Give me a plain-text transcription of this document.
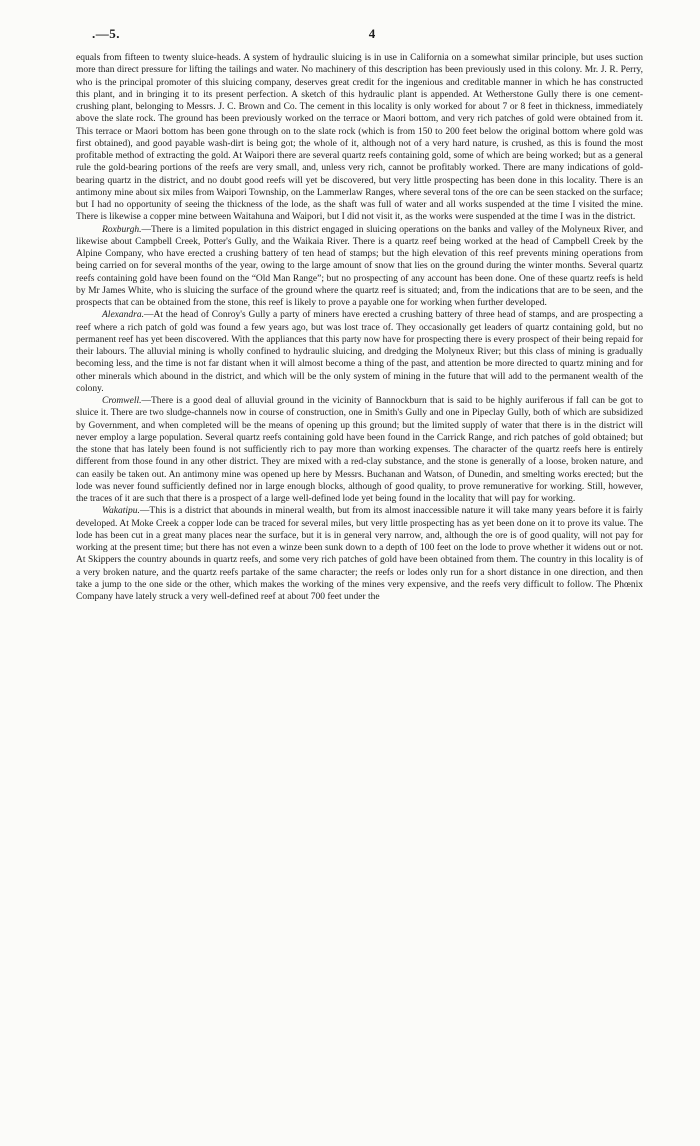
.—5.	4

equals from fifteen to twenty sluice-heads. A system of hydraulic sluicing is in use in California on a somewhat similar principle, but uses suction more than direct pressure for lifting the tailings and water. No machinery of this description has been previously used in this colony. Mr. J. R. Perry, who is the principal promoter of this sluicing company, deserves great credit for the ingenious and creditable manner in which he has constructed this plant, and in bringing it to its present perfection. A sketch of this hydraulic plant is appended. At Wetherstone Gully there is one cement-crushing plant, belonging to Messrs. J. C. Brown and Co. The cement in this locality is only worked for about 7 or 8 feet in thickness, immediately above the slate rock. The ground has been previously worked on the terrace or Maori bottom, and very rich patches of gold were obtained from it. This terrace or Maori bottom has been gone through on to the slate rock (which is from 150 to 200 feet below the original bottom where gold was first obtained), and good payable wash-dirt is being got; the whole of it, although not of a very hard nature, is crushed, as this is found the most profitable method of extracting the gold. At Waipori there are several quartz reefs containing gold, some of which are being worked; but as a general rule the gold-bearing portions of the reefs are very small, and, unless very rich, cannot be profitably worked. There are many indications of gold-bearing quartz in the district, and no doubt good reefs will yet be discovered, but very little prospecting has been done in this locality. There is an antimony mine about six miles from Waipori Township, on the Lammerlaw Ranges, where several tons of the ore can be seen stacked on the surface; but I had no opportunity of seeing the thickness of the lode, as the shaft was full of water and all works suspended at the time I visited the mine. There is likewise a copper mine between Waitahuna and Waipori, but I did not visit it, as the works were suspended at the time I was in the district.

Roxburgh.—There is a limited population in this district engaged in sluicing operations on the banks and valley of the Molyneux River, and likewise about Campbell Creek, Potter's Gully, and the Waikaia River. There is a quartz reef being worked at the head of Campbell Creek by the Alpine Company, who have erected a crushing battery of ten head of stamps; but the high elevation of this reef prevents mining operations from being carried on for several months of the year, owing to the large amount of snow that lies on the ground during the winter months. Several quartz reefs containing gold have been found on the “Old Man Range”; but no prospecting of any account has been done. One of these quartz reefs is held by Mr James White, who is sluicing the surface of the ground where the quartz reef is situated; and, from the indications that are to be seen, and the prospects that can be obtained from the stone, this reef is likely to prove a payable one for working when further developed.

Alexandra.—At the head of Conroy's Gully a party of miners have erected a crushing battery of three head of stamps, and are prospecting a reef where a rich patch of gold was found a few years ago, but was lost trace of. They occasionally get leaders of quartz containing gold, but no permanent reef has yet been discovered. With the appliances that this party now have for prospecting there is every prospect of their being repaid for their labours. The alluvial mining is wholly confined to hydraulic sluicing, and dredging the Molyneux River; but this class of mining is gradually becoming less, and the time is not far distant when it will almost become a thing of the past, and attention be more directed to quartz mining and for other minerals which abound in the district, and which will be the only system of mining in the future that will add to the permanent wealth of the colony.

Cromwell.—There is a good deal of alluvial ground in the vicinity of Bannockburn that is said to be highly auriferous if fall can be got to sluice it. There are two sludge-channels now in course of construction, one in Smith's Gully and one in Pipeclay Gully, both of which are subsidized by Government, and when completed will be the means of opening up this ground; but the limited supply of water that there is in the district will never employ a large population. Several quartz reefs containing gold have been found in the Carrick Range, and rich patches of gold obtained; but the stone that has lately been found is not sufficiently rich to pay more than working expenses. The character of the quartz reefs here is entirely different from those found in any other district. They are mixed with a red-clay substance, and the stone is generally of a loose, broken nature, and can easily be taken out. An antimony mine was opened up here by Messrs. Buchanan and Watson, of Dunedin, and smelting works erected; but the lode was never found sufficiently defined nor in large enough blocks, although of good quality, to prove remunerative for working. Still, however, the traces of it are such that there is a prospect of a large well-defined lode yet being found in the locality that will pay for working.

Wakatipu.—This is a district that abounds in mineral wealth, but from its almost inaccessible nature it will take many years before it is fairly developed. At Moke Creek a copper lode can be traced for several miles, but very little prospecting has as yet been done on it to prove its value. The lode has been cut in a great many places near the surface, but it is in general very narrow, and, although the ore is of good quality, will not pay for working at the present time; but there has not even a winze been sunk down to a depth of 100 feet on the lode to prove whether it widens out or not. At Skippers the country abounds in quartz reefs, and some very rich patches of gold have been obtained from them. The country in this locality is of a very broken nature, and the quartz reefs partake of the same character; the reefs or lodes only run for a short distance in one direction, and then take a jump to the one side or the other, which makes the working of the mines very expensive, and the reefs very difficult to follow. The Phœnix Company have lately struck a very well-defined reef at about 700 feet under the
